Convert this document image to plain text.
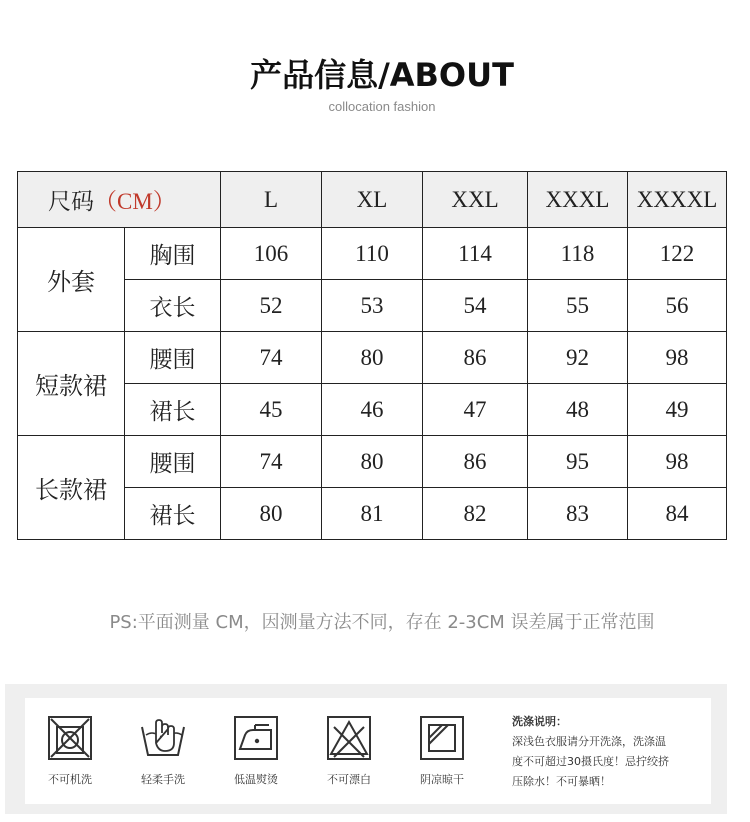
产品信息/ABOUT
collocation fashion
尺码（CM）		L	XL	XXL	XXXL	XXXXL
外套	胸围	106	110	114	118	122
	衣长	52	53	54	55	56
短款裙	腰围	74	80	86	92	98
	裙长	45	46	47	48	49
长款裙	腰围	74	80	86	95	98
	裙长	80	81	82	83	84
PS:平面测量 CM，因测量方法不同，存在 2-3CM 误差属于正常范围
不可机洗	轻柔手洗	低温熨烫	不可漂白	阴凉晾干
洗涤说明：
深浅色衣服请分开洗涤，洗涤温
度不可超过30摄氏度！忌拧绞挤
压除水！不可暴晒！
